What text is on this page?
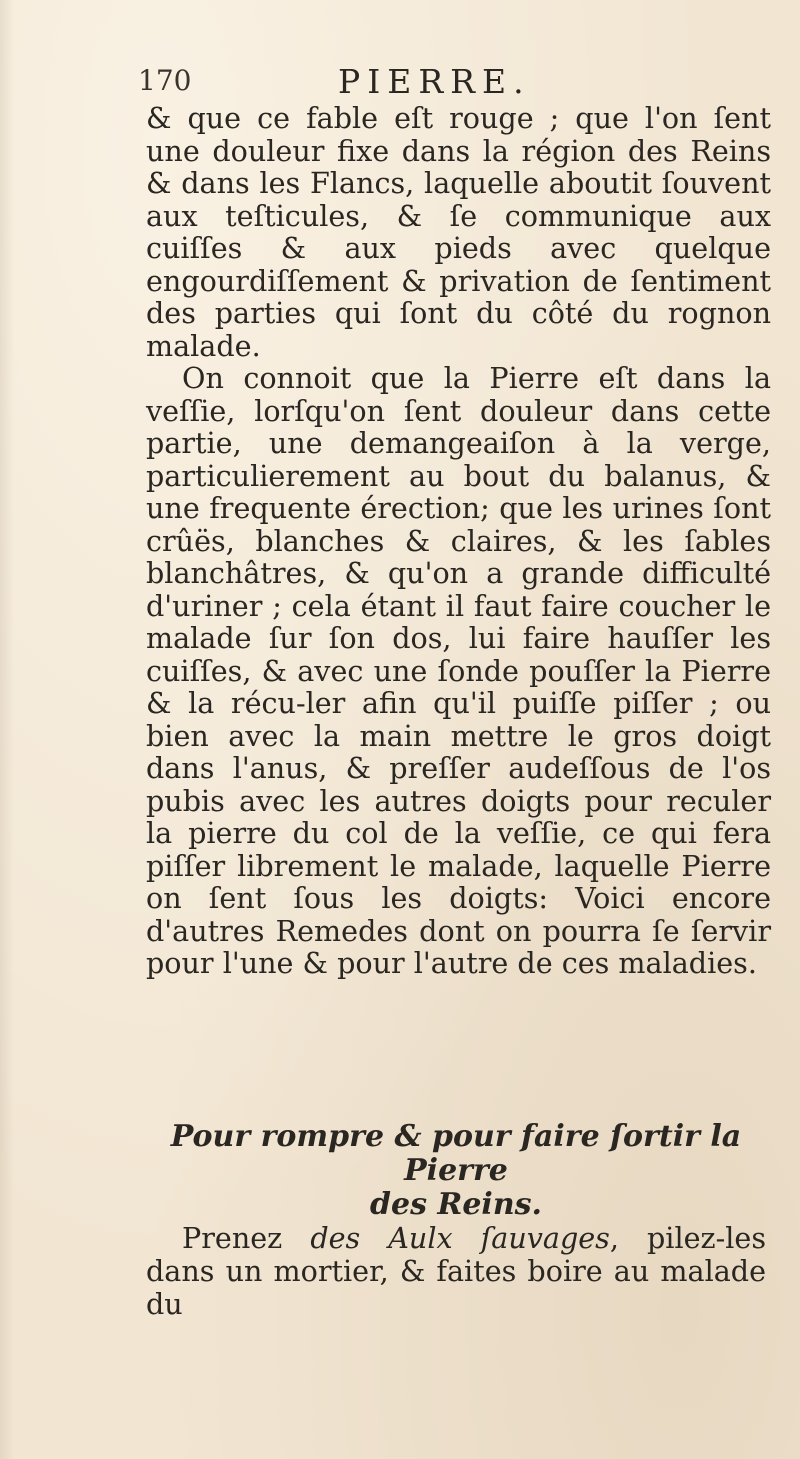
170	PIERRE.

& que ce fable eſt rouge ; que l'on ſent une douleur fixe dans la région des Reins & dans les Flancs, laquelle aboutit ſouvent aux teſticules, & ſe communique aux cuiſſes & aux pieds avec quelque engourdiſſement & privation de ſentiment des parties qui ſont du côté du rognon malade.

On connoit que la Pierre eſt dans la veſſie, lorſqu'on ſent douleur dans cette partie, une demangeaiſon à la verge, particulierement au bout du balanus, & une frequente érection; que les urines ſont crûës, blanches & claires, & les ſables blanchâtres, & qu'on a grande difficulté d'uriner ; cela étant il faut faire coucher le malade ſur ſon dos, lui faire hauſſer les cuiſſes, & avec une ſonde pouſſer la Pierre & la récu-ler afin qu'il puiſſe piſſer ; ou bien avec la main mettre le gros doigt dans l'anus, & preſſer audeſſous de l'os pubis avec les autres doigts pour reculer la pierre du col de la veſſie, ce qui fera piſſer librement le malade, laquelle Pierre on ſent ſous les doigts: Voici encore d'autres Remedes dont on pourra ſe ſervir pour l'une & pour l'autre de ces maladies.

Pour rompre & pour faire ſortir la Pierre
des Reins.

Prenez des Aulx ſauvages, pilez-les dans un mortier, & faites boire au malade du
